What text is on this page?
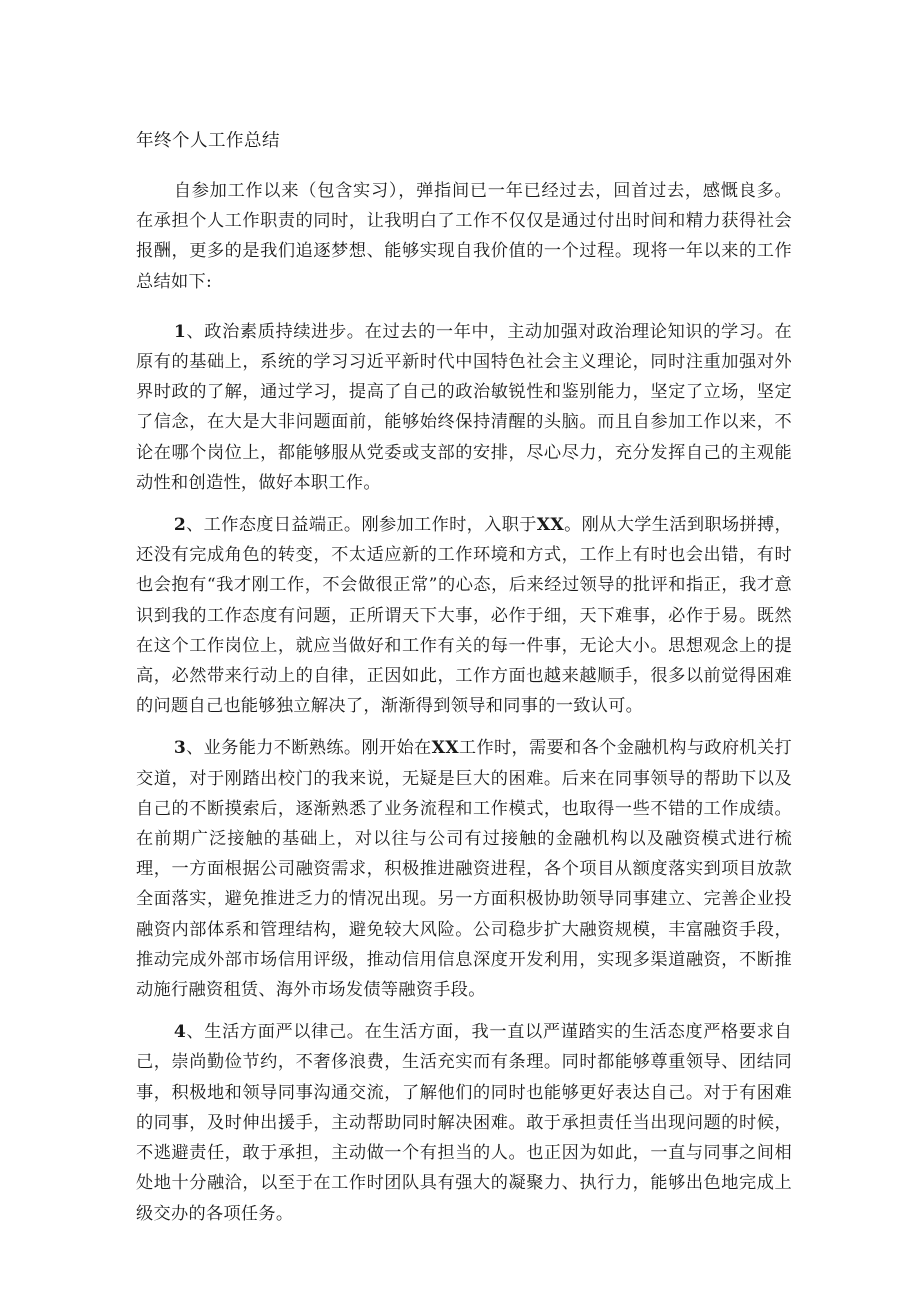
年终个人工作总结

自参加工作以来（包含实习），弹指间已一年已经过去，回首过去，感慨良多。在承担个人工作职责的同时，让我明白了工作不仅仅是通过付出时间和精力获得社会报酬，更多的是我们追逐梦想、能够实现自我价值的一个过程。现将一年以来的工作总结如下:

1、政治素质持续进步。在过去的一年中，主动加强对政治理论知识的学习。在原有的基础上，系统的学习习近平新时代中国特色社会主义理论，同时注重加强对外界时政的了解，通过学习，提高了自己的政治敏锐性和鉴别能力，坚定了立场，坚定了信念，在大是大非问题面前，能够始终保持清醒的头脑。而且自参加工作以来，不论在哪个岗位上，都能够服从党委或支部的安排，尽心尽力，充分发挥自己的主观能动性和创造性，做好本职工作。

2、工作态度日益端正。刚参加工作时，入职于XX。刚从大学生活到职场拼搏，还没有完成角色的转变，不太适应新的工作环境和方式，工作上有时也会出错，有时也会抱有“我才刚工作，不会做很正常”的心态，后来经过领导的批评和指正，我才意识到我的工作态度有问题，正所谓天下大事，必作于细，天下难事，必作于易。既然在这个工作岗位上，就应当做好和工作有关的每一件事，无论大小。思想观念上的提高，必然带来行动上的自律，正因如此，工作方面也越来越顺手，很多以前觉得困难的问题自己也能够独立解决了，渐渐得到领导和同事的一致认可。

3、业务能力不断熟练。刚开始在XX工作时，需要和各个金融机构与政府机关打交道，对于刚踏出校门的我来说，无疑是巨大的困难。后来在同事领导的帮助下以及自己的不断摸索后，逐渐熟悉了业务流程和工作模式，也取得一些不错的工作成绩。在前期广泛接触的基础上，对以往与公司有过接触的金融机构以及融资模式进行梳理，一方面根据公司融资需求，积极推进融资进程，各个项目从额度落实到项目放款全面落实，避免推进乏力的情况出现。另一方面积极协助领导同事建立、完善企业投融资内部体系和管理结构，避免较大风险。公司稳步扩大融资规模，丰富融资手段，推动完成外部市场信用评级，推动信用信息深度开发利用，实现多渠道融资，不断推动施行融资租赁、海外市场发债等融资手段。

4、生活方面严以律己。在生活方面，我一直以严谨踏实的生活态度严格要求自己，崇尚勤俭节约，不奢侈浪费，生活充实而有条理。同时都能够尊重领导、团结同事，积极地和领导同事沟通交流，了解他们的同时也能够更好表达自己。对于有困难的同事，及时伸出援手，主动帮助同时解决困难。敢于承担责任当出现问题的时候，不逃避责任，敢于承担，主动做一个有担当的人。也正因为如此，一直与同事之间相处地十分融洽，以至于在工作时团队具有强大的凝聚力、执行力，能够出色地完成上级交办的各项任务。
